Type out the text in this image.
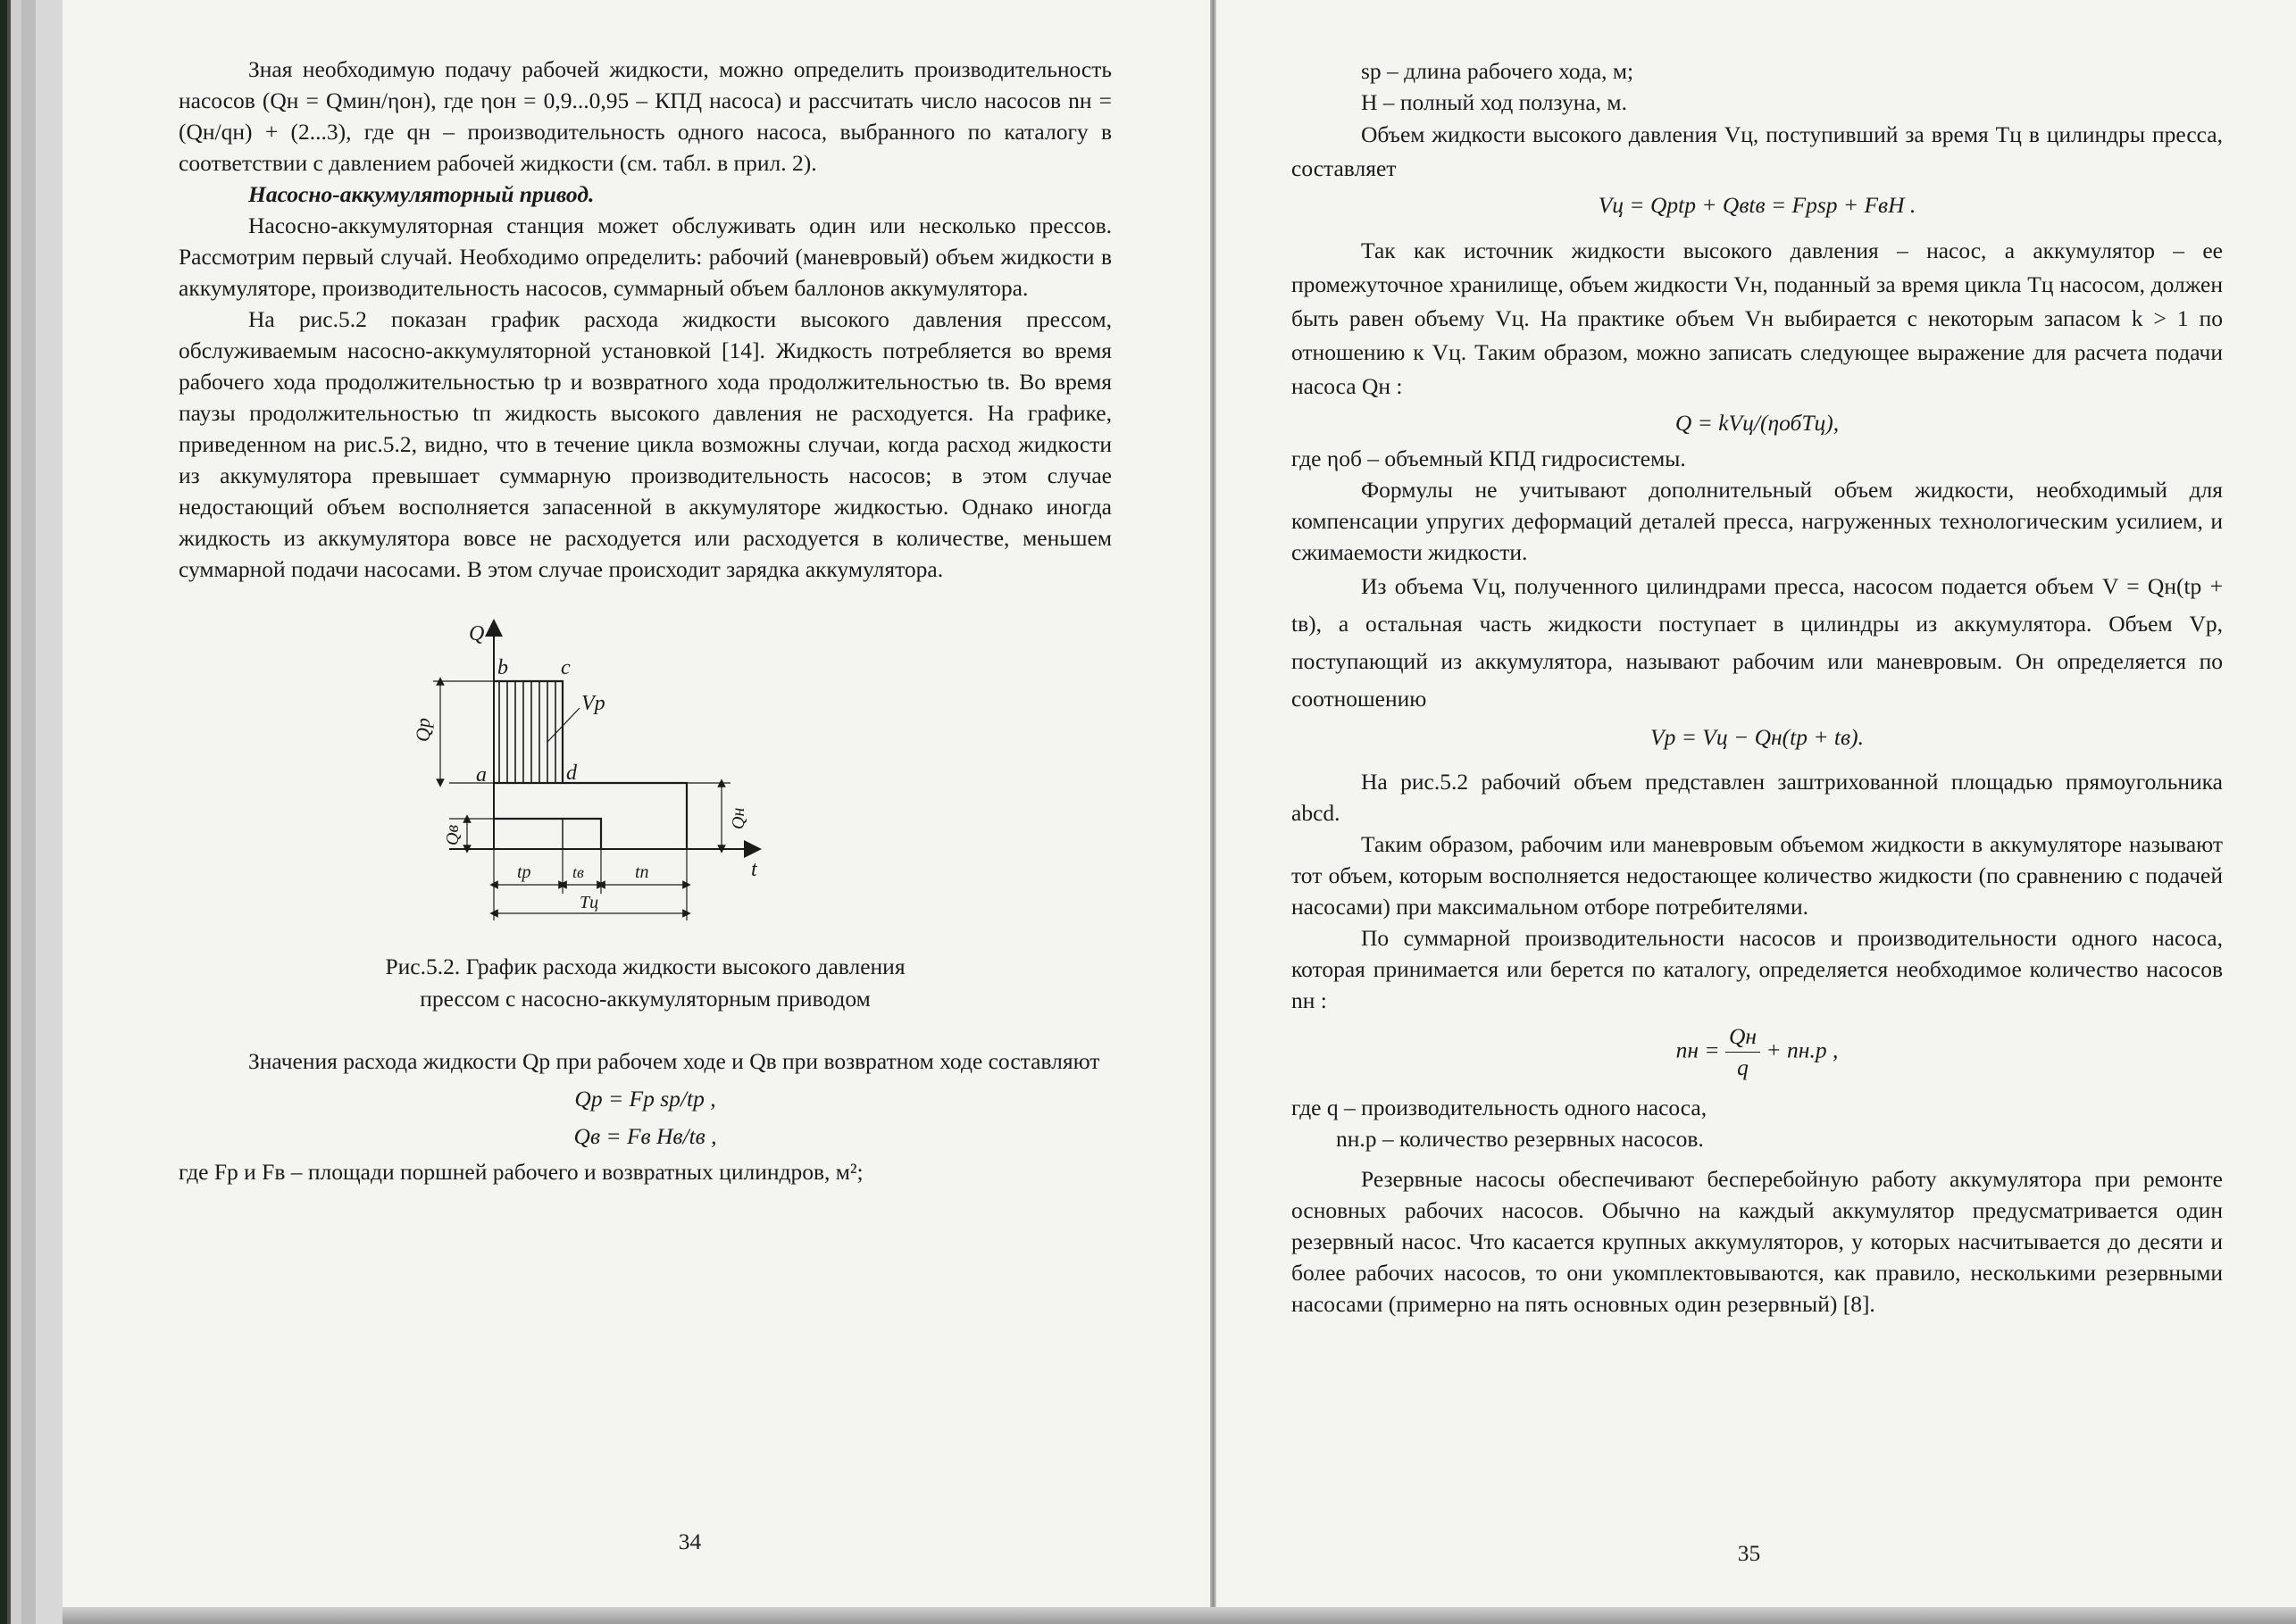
Зная необходимую подачу рабочей жидкости, можно определить производительность насосов (Qн = Qмин/ηон), где ηон = 0,9...0,95 – КПД насоса) и рассчитать число насосов nн = (Qн/qн) + (2...3), где qн – производительность одного насоса, выбранного по каталогу в соответствии с давлением рабочей жидкости (см. табл. в прил. 2).

Насосно-аккумуляторный привод.

Насосно-аккумуляторная станция может обслуживать один или несколько прессов. Рассмотрим первый случай. Необходимо определить: рабочий (маневровый) объем жидкости в аккумуляторе, производительность насосов, суммарный объем баллонов аккумулятора.

На рис.5.2 показан график расхода жидкости высокого давления прессом, обслуживаемым насосно-аккумуляторной установкой [14]. Жидкость потребляется во время рабочего хода продолжительностью tр и возвратного хода продолжительностью tв. Во время паузы продолжительностью tп жидкость высокого давления не расходуется. На графике, приведенном на рис.5.2, видно, что в течение цикла возможны случаи, когда расход жидкости из аккумулятора превышает суммарную производительность насосов; в этом случае недостающий объем восполняется запасенной в аккумуляторе жидкостью. Однако иногда жидкость из аккумулятора вовсе не расходуется или расходуется в количестве, меньшем суммарной подачи насосами. В этом случае происходит зарядка аккумулятора.

Q
t
b c
a	d
Vp
Qp
Qв
Qн
tр	tв	tп
Tц
Рис.5.2. График расхода жидкости высокого давления
прессом с насосно-аккумуляторным приводом

Значения расхода жидкости Qр при рабочем ходе и Qв при возвратном ходе составляют

Qр = Fр sр/tр ,
Qв = Fв Hв/tв ,

где Fр и Fв – площади поршней рабочего и возвратных цилиндров, м²;

34

sр – длина рабочего хода, м;

H – полный ход ползуна, м.

Объем жидкости высокого давления Vц, поступивший за время Tц в цилиндры пресса, составляет

Vц = Qрtр + Qвtв = Fрsр + FвH .

Так как источник жидкости высокого давления – насос, а аккумулятор – ее промежуточное хранилище, объем жидкости Vн, поданный за время цикла Tц насосом, должен быть равен объему Vц. На практике объем Vн выбирается с некоторым запасом k > 1 по отношению к Vц. Таким образом, можно записать следующее выражение для расчета подачи насоса Qн :

Q = kVц/(ηобTц),

где ηоб – объемный КПД гидросистемы.

Формулы не учитывают дополнительный объем жидкости, необходимый для компенсации упругих деформаций деталей пресса, нагруженных технологическим усилием, и сжимаемости жидкости.

Из объема Vц, полученного цилиндрами пресса, насосом подается объем V = Qн(tр + tв), а остальная часть жидкости поступает в цилиндры из аккумулятора. Объем Vр, поступающий из аккумулятора, называют рабочим или маневровым. Он определяется по соотношению

Vр = Vц − Qн(tр + tв).

На рис.5.2 рабочий объем представлен заштрихованной площадью прямоугольника abcd.

Таким образом, рабочим или маневровым объемом жидкости в аккумуляторе называют тот объем, которым восполняется недостающее количество жидкости (по сравнению с подачей насосами) при максимальном отборе потребителями.

По суммарной производительности насосов и производительности одного насоса, которая принимается или берется по каталогу, определяется необходимое количество насосов nн :

nн = $\frac{Qн}{q} + nн.р$ ,

где q – производительность одного насоса,

nн.р – количество резервных насосов.

Резервные насосы обеспечивают бесперебойную работу аккумулятора при ремонте основных рабочих насосов. Обычно на каждый аккумулятор предусматривается один резервный насос. Что касается крупных аккумуляторов, у которых насчитывается до десяти и более рабочих насосов, то они укомплектовываются, как правило, несколькими резервными насосами (примерно на пять основных один резервный) [8].

35
